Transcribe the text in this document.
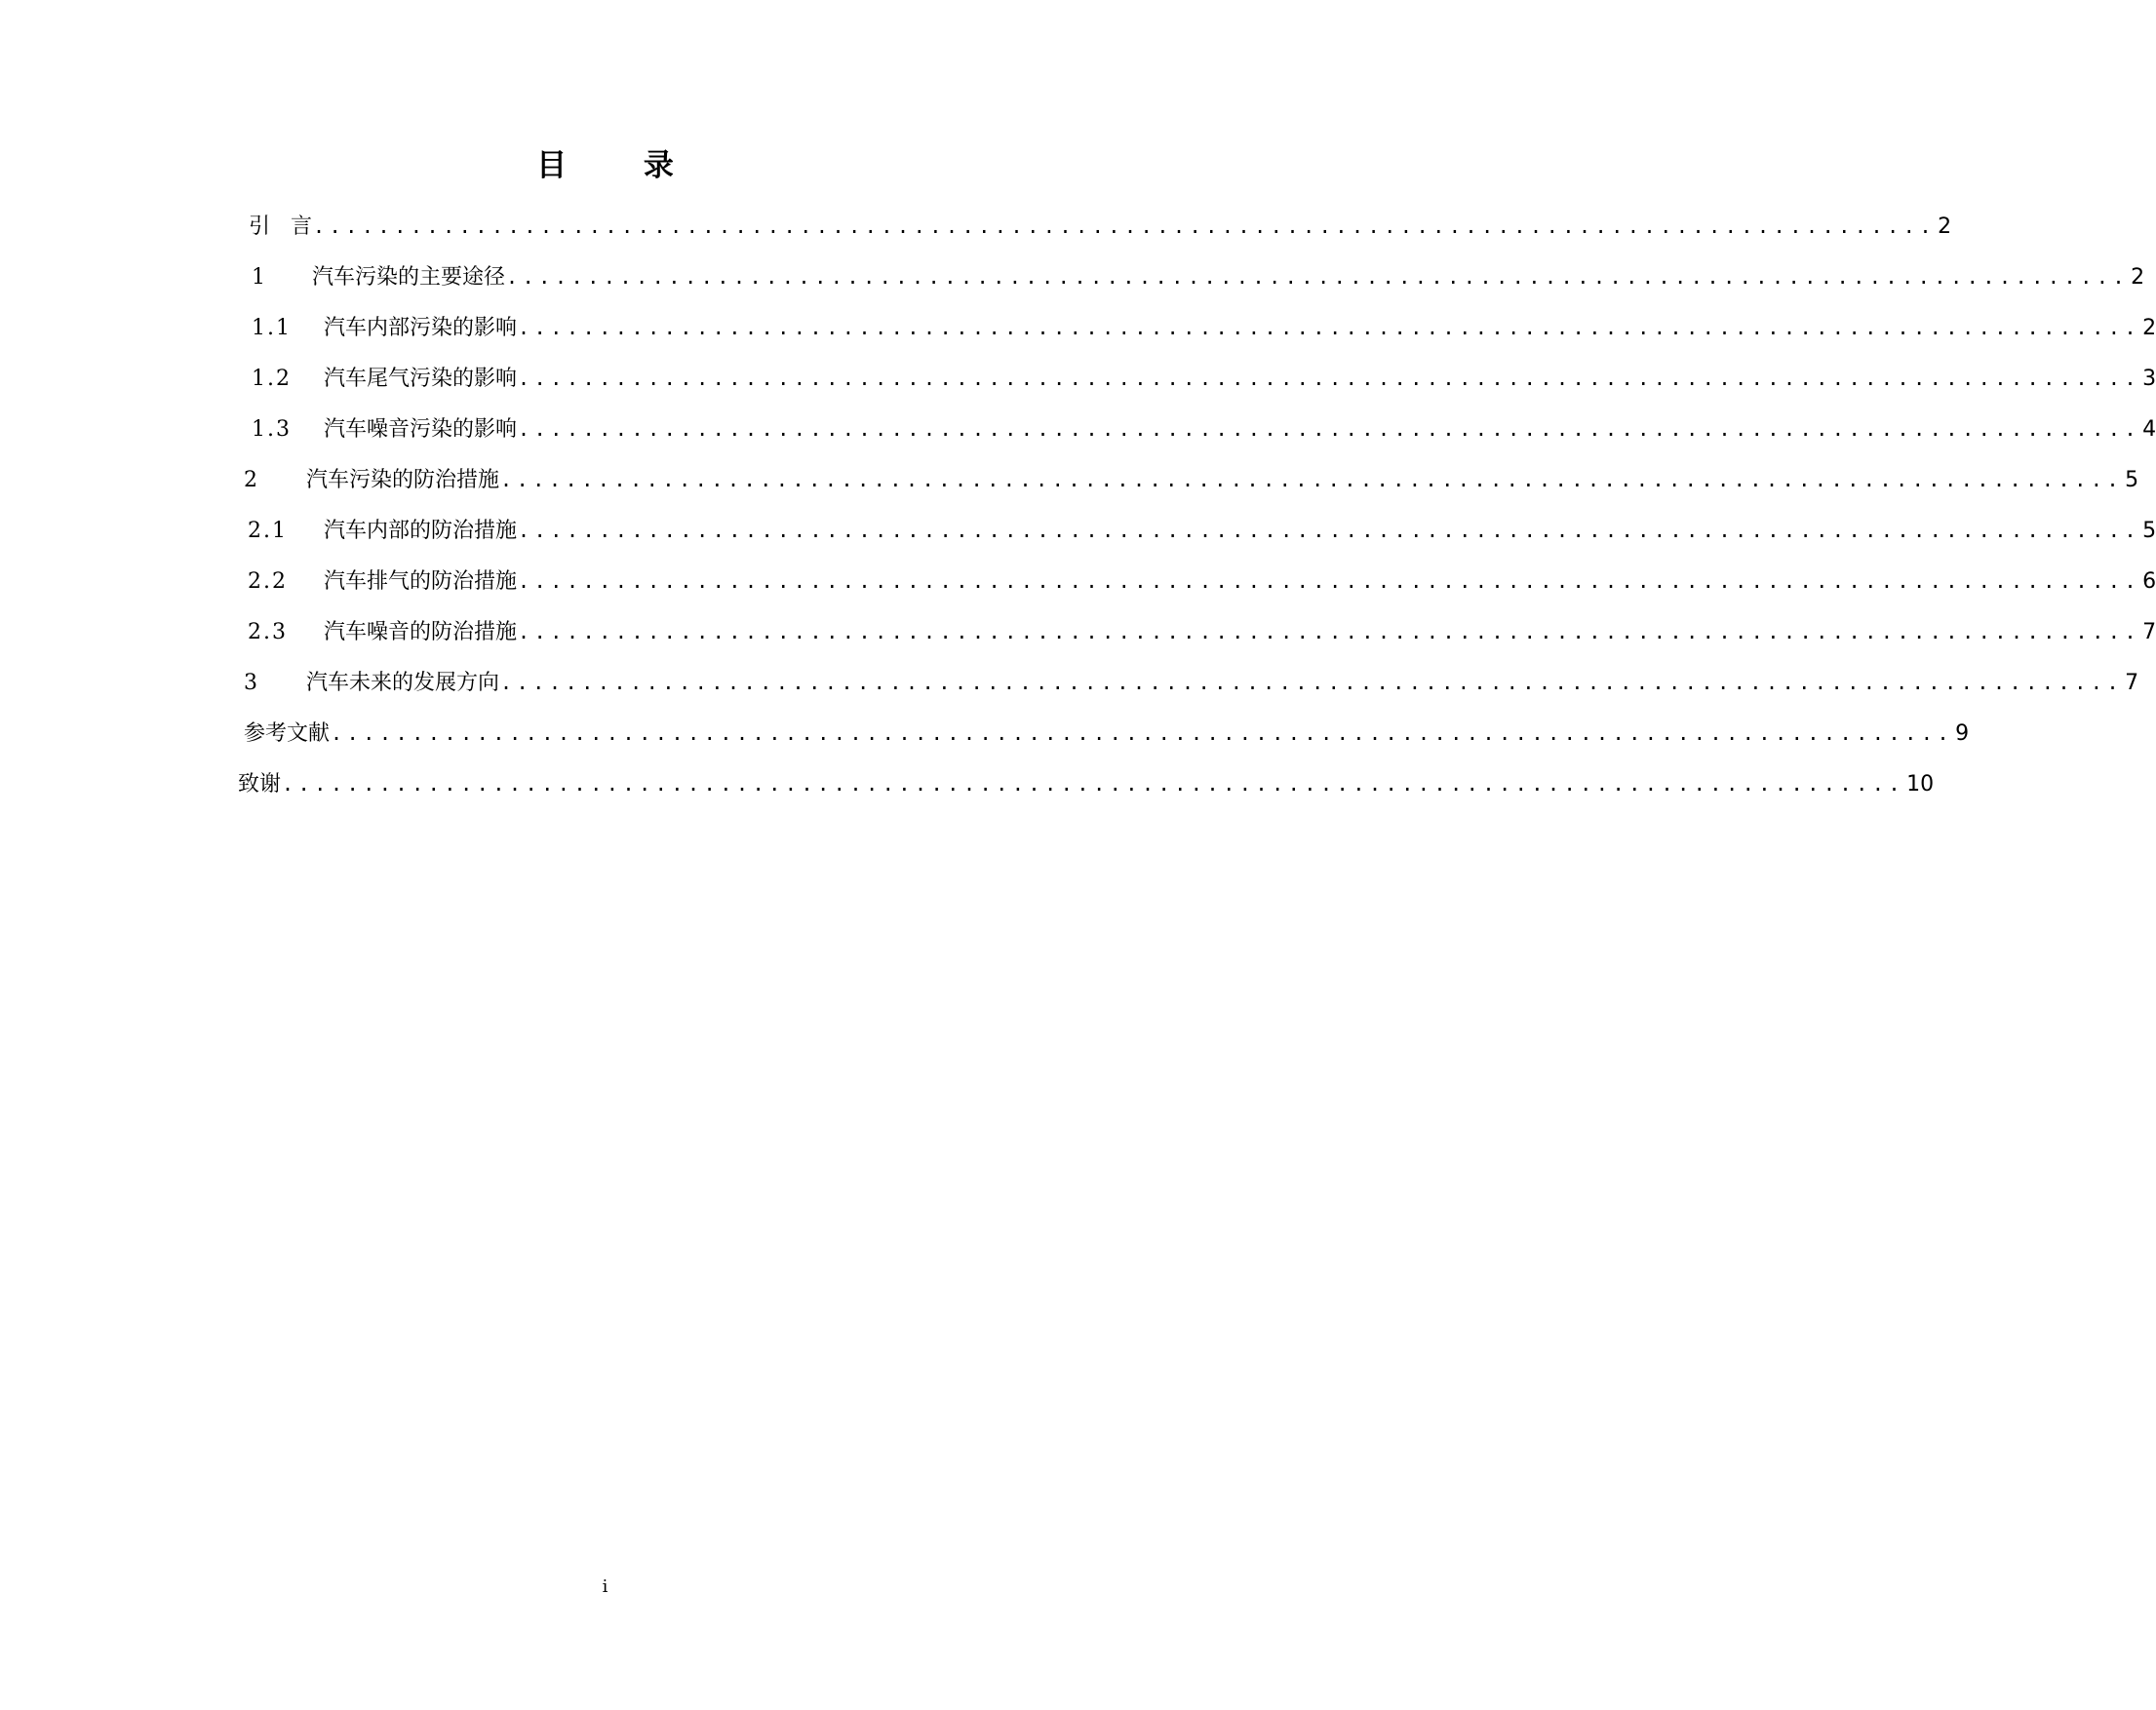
目 录
引   言 .................................................................................................... 2
1	汽车污染的主要途径 .................................................................................................... 2
1.1	汽车内部污染的影响 .................................................................................................... 2
1.2	汽车尾气污染的影响 .................................................................................................... 3
1.3	汽车噪音污染的影响 .................................................................................................... 4
2	汽车污染的防治措施 .................................................................................................... 5
2.1	汽车内部的防治措施 .................................................................................................... 5
2.2	汽车排气的防治措施 .................................................................................................... 6
2.3	汽车噪音的防治措施 .................................................................................................... 7
3	汽车未来的发展方向 .................................................................................................... 7
参考文献 .................................................................................................... 9
致谢 .................................................................................................... 10
i
